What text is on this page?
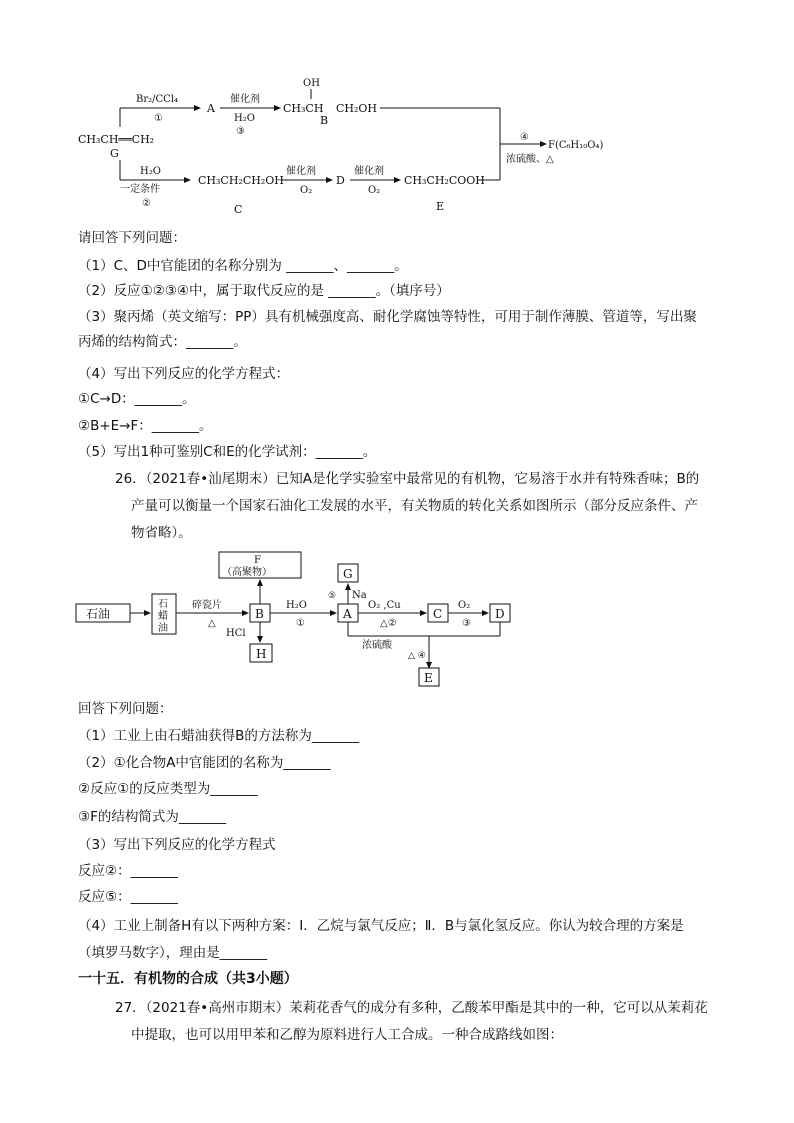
CH₃CH══CH₂
G
Br₂/CCl₄
①
A
催化剂
H₂O
③
OH
CH₃CH
B
CH₂OH
H₂O
一定条件
②
CH₃CH₂CH₂OH
C
催化剂
O₂
D
催化剂
O₂
CH₃CH₂COOH
E
④
F(C₆H₁₀O₄)
浓硫酸、△
请回答下列问题：
（1）C、D中官能团的名称分别为 _______、_______。
（2）反应①②③④中，属于取代反应的是 _______。（填序号）
（3）聚丙烯（英文缩写：PP）具有机械强度高、耐化学腐蚀等特性，可用于制作薄膜、管道等，写出聚
丙烯的结构简式：_______。
（4）写出下列反应的化学方程式：
①C→D：_______。
②B+E→F：_______。
（5）写出1种可鉴别C和E的化学试剂：_______。
26．（2021春•汕尾期末）已知A是化学实验室中最常见的有机物，它易溶于水并有特殊香味；B的
产量可以衡量一个国家石油化工发展的水平，有关物质的转化关系如图所示（部分反应条件、产
物省略）。
石油
石
蜡
油
碎瓷片
△
B
F
（高聚物）
HCl
H
H₂O
①
A
Na
⑤
G
O₂ ,Cu
△②
C
O₂
③
D
浓硫酸
△ ④
E
回答下列问题：
（1）工业上由石蜡油获得B的方法称为_______
（2）①化合物A中官能团的名称为_______
②反应①的反应类型为_______
③F的结构简式为_______
（3）写出下列反应的化学方程式
反应②：_______
反应⑤：_______
（4）工业上制备H有以下两种方案：Ⅰ．乙烷与氯气反应；Ⅱ．B与氯化氢反应。你认为较合理的方案是
（填罗马数字），理由是_______
一十五．有机物的合成（共3小题）
27．（2021春•高州市期末）茉莉花香气的成分有多种，乙酸苯甲酯是其中的一种，它可以从茉莉花
中提取，也可以用甲苯和乙醇为原料进行人工合成。一种合成路线如图：
